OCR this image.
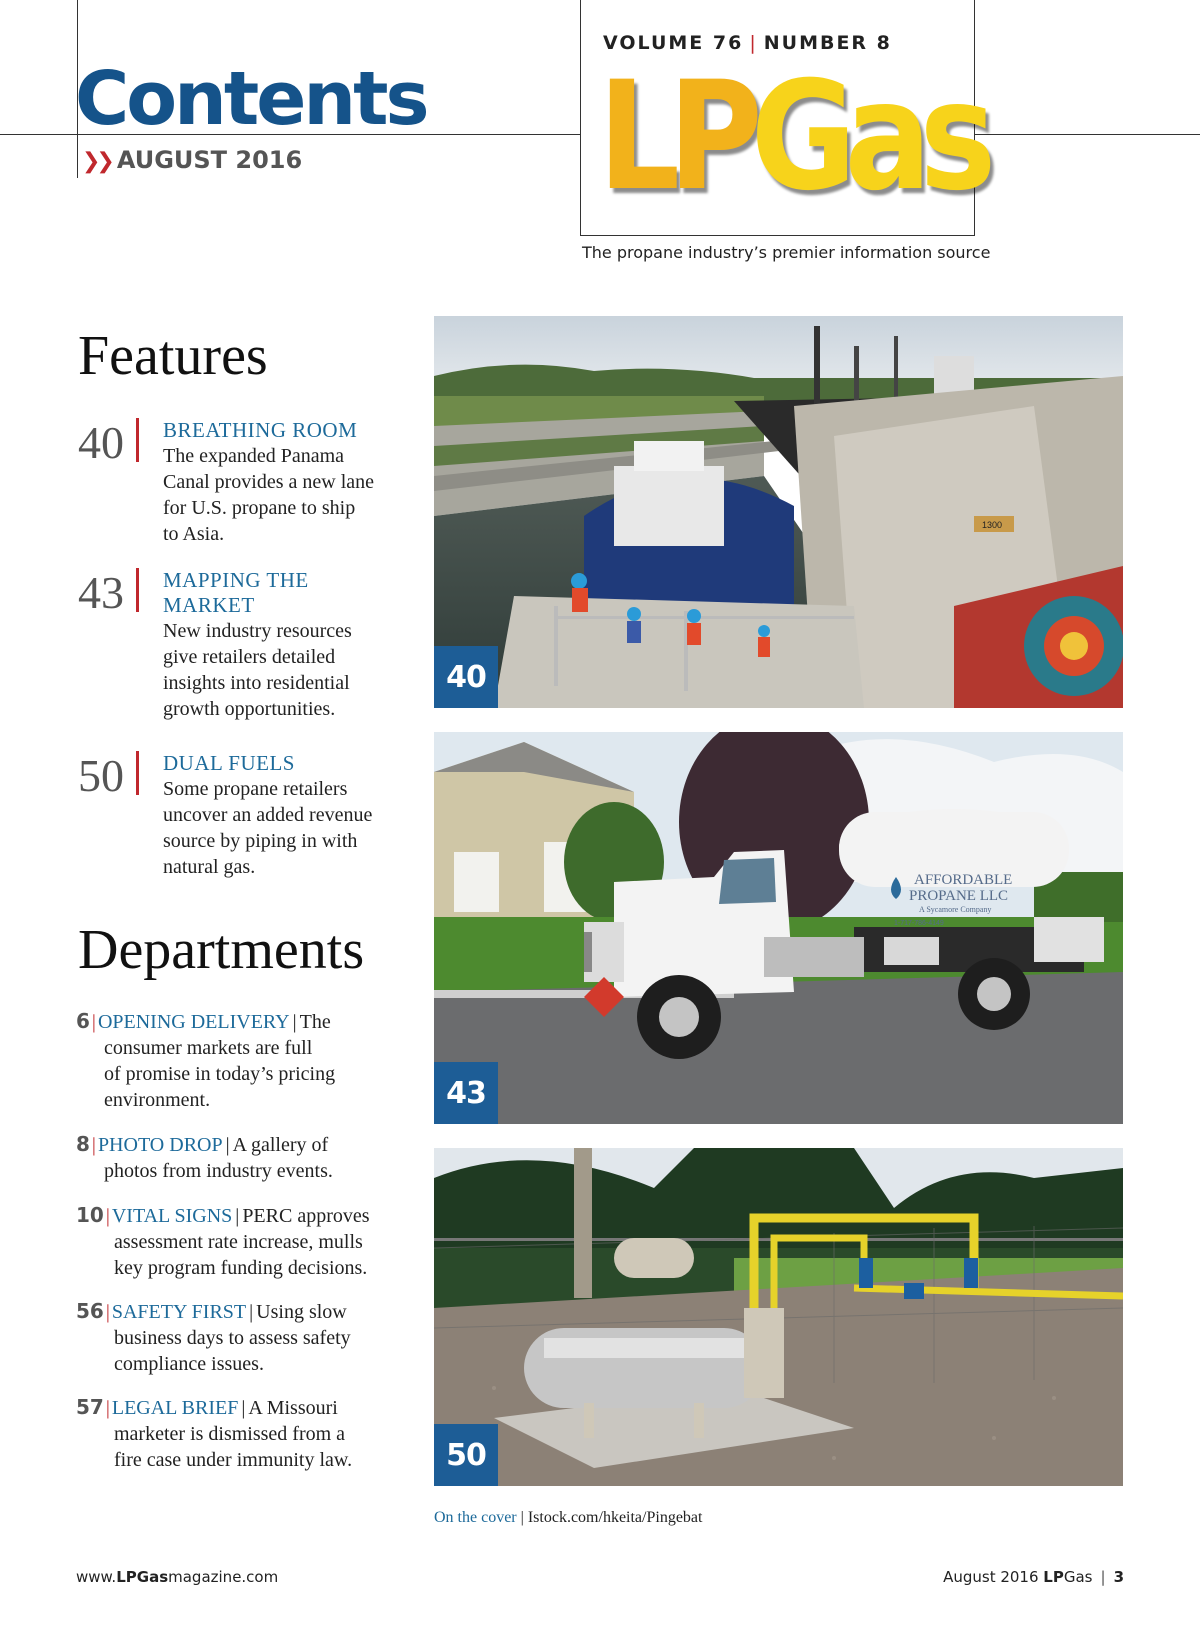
Contents
❯❯ AUGUST 2016
VOLUME 76 | NUMBER 8
LPGas
The propane industry’s premier information source
Features
40 BREATHING ROOM
The expanded Panama
Canal provides a new lane
for U.S. propane to ship
to Asia.
43 MAPPING THE
MARKET
New industry resources
give retailers detailed
insights into residential
growth opportunities.
50 DUAL FUELS
Some propane retailers
uncover an added revenue
source by piping in with
natural gas.
Departments
6 | OPENING DELIVERY | The
consumer markets are full
of promise in today’s pricing
environment.
8 | PHOTO DROP | A gallery of
photos from industry events.
10 | VITAL SIGNS | PERC approves
assessment rate increase, mulls
key program funding decisions.
56 | SAFETY FIRST | Using slow
business days to assess safety
compliance issues.
57 | LEGAL BRIEF | A Missouri
marketer is dismissed from a
fire case under immunity law.
1300
40
AFFORDABLE
PROPANE LLC
A Sycamore Company
1-717-786-4149
43
50
On the cover | Istock.com/hkeita/Pingebat
www.LPGasmagazine.com	August 2016 LPGas | 3
